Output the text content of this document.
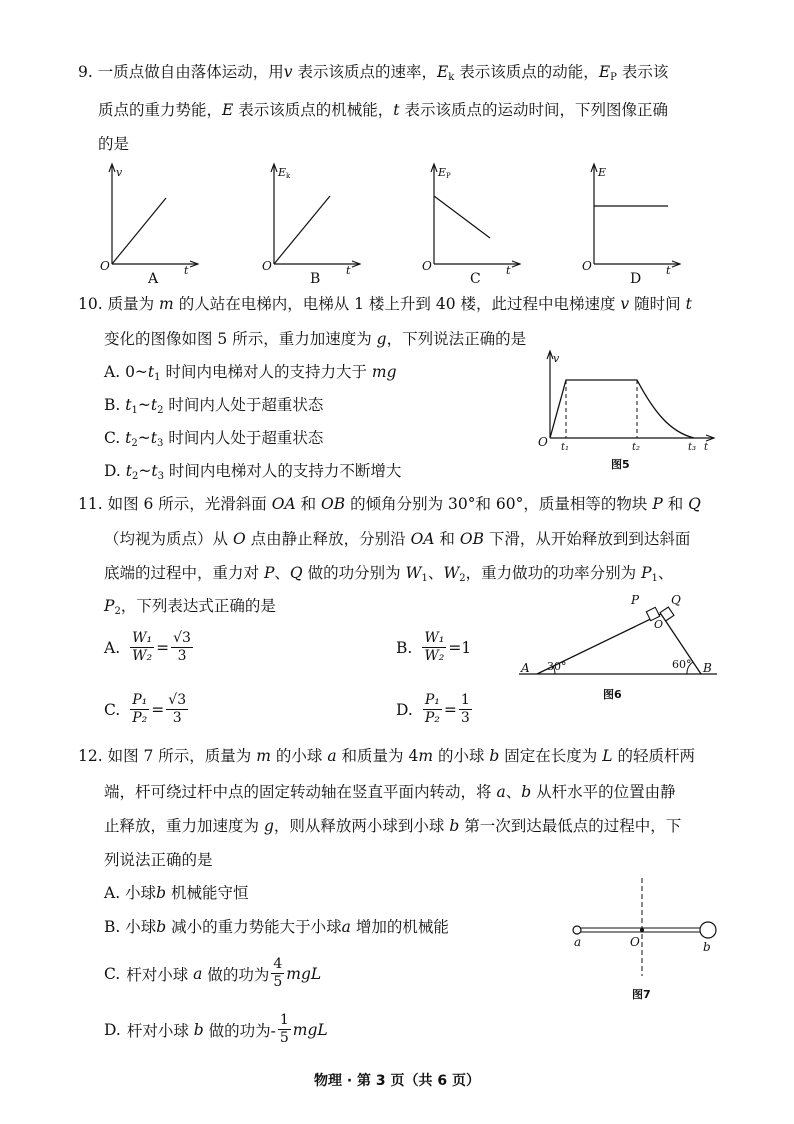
9. 一质点做自由落体运动，用v 表示该质点的速率，$E_k$ 表示该质点的动能，$E_P$ 表示该
质点的重力势能，E 表示该质点的机械能，t 表示该质点的运动时间，下列图像正确
的是
v
t
O
A
Ek
t
O
B
EP
t
O
C
E
t
O
D
10. 质量为 m 的人站在电梯内，电梯从 1 楼上升到 40 楼，此过程中电梯速度 v 随时间 t
变化的图像如图 5 所示，重力加速度为 g，下列说法正确的是
A. $0\sim t_1$ 时间内电梯对人的支持力大于 mg
B. $t_1\sim t_2$ 时间内人处于超重状态
C. $t_2\sim t_3$ 时间内人处于超重状态
D. $t_2\sim t_3$ 时间内电梯对人的支持力不断增大
v
O t₁	t₂	t₃ t
图5
11. 如图 6 所示，光滑斜面 OA 和 OB 的倾角分别为 30°和 60°，质量相等的物块 P 和 Q
（均视为质点）从 O 点由静止释放，分别沿 OA 和 OB 下滑，从开始释放到到达斜面
底端的过程中，重力对 P、Q 做的功分别为 $W_1$、$W_2$，重力做功的功率分别为 $P_1$、
$P_2$，下列表达式正确的是
A. $\frac{\text{W₁}}{\text{W₂}} = \frac{√3}{3}$	B. $\frac{\text{W₁}}{\text{W₂}} =1$
C. $\frac{\text{P₁}}{\text{P₂}} = \frac{√3}{3}$	D. $\frac{\text{P₁}}{\text{P₂}} = \frac{1}{3}$
P	Q
O
A	B
30°	60°
图6
12. 如图 7 所示，质量为 m 的小球 a 和质量为 4m 的小球 b 固定在长度为 L 的轻质杆两
端，杆可绕过杆中点的固定转动轴在竖直平面内转动，将 a、b 从杆水平的位置由静
止释放，重力加速度为 g，则从释放两小球到小球 b 第一次到达最低点的过程中，下
列说法正确的是
A. 小球b 机械能守恒
B. 小球b 减小的重力势能大于小球a 增加的机械能
C. 杆对小球 a 做的功为 $\frac{4}{5}$ mgL
D. 杆对小球 b 做的功为- $\frac{1}{5}$ mgL
a	O	b
图7
物理 · 第 3 页（共 6 页）
